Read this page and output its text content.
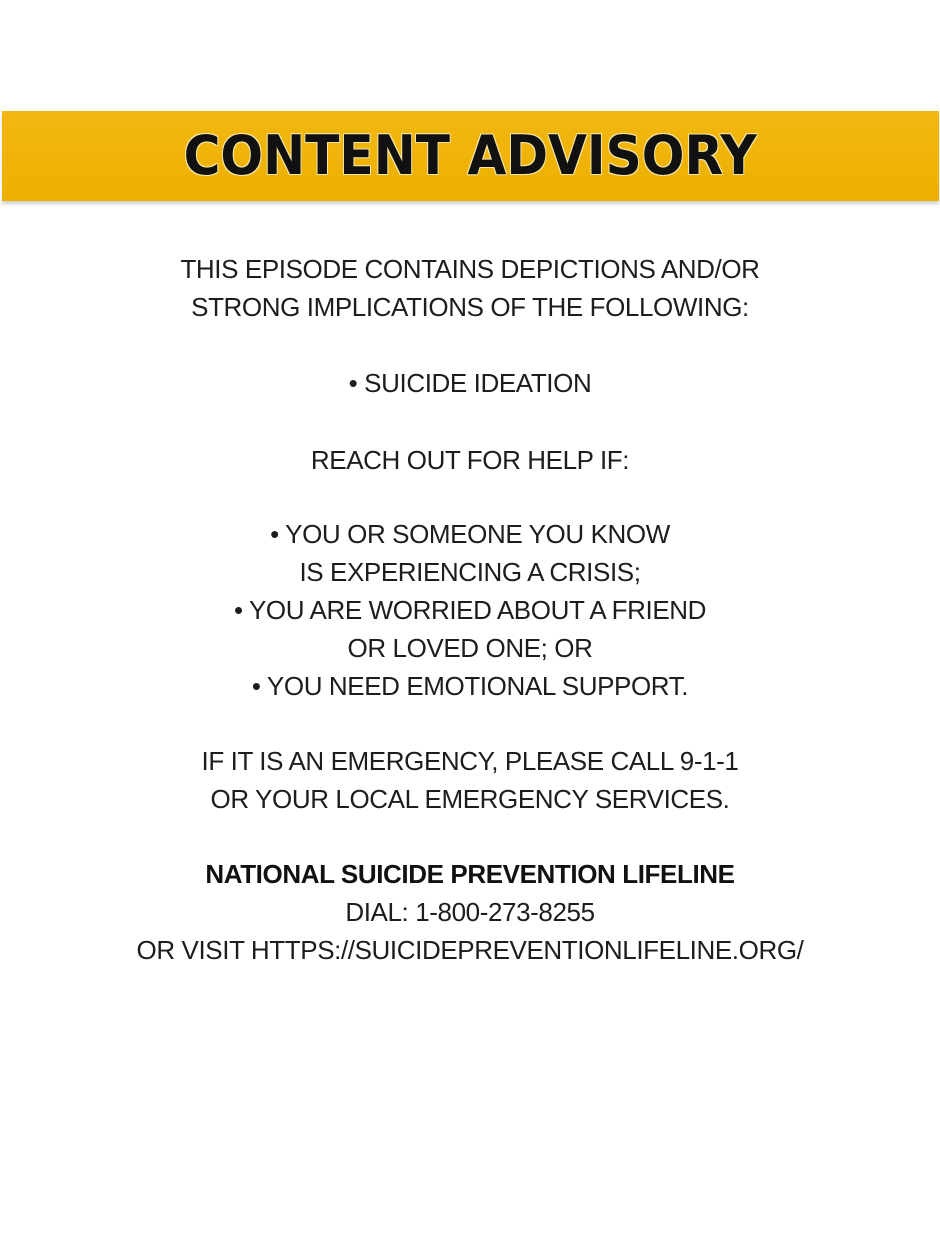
CONTENT ADVISORY
THIS EPISODE CONTAINS DEPICTIONS AND/OR
STRONG IMPLICATIONS OF THE FOLLOWING:
• SUICIDE IDEATION
REACH OUT FOR HELP IF:
• YOU OR SOMEONE YOU KNOW
IS EXPERIENCING A CRISIS;
• YOU ARE WORRIED ABOUT A FRIEND
OR LOVED ONE; OR
• YOU NEED EMOTIONAL SUPPORT.
IF IT IS AN EMERGENCY, PLEASE CALL 9-1-1
OR YOUR LOCAL EMERGENCY SERVICES.
NATIONAL SUICIDE PREVENTION LIFELINE
DIAL: 1-800-273-8255
OR VISIT HTTPS://SUICIDEPREVENTIONLIFELINE.ORG/
